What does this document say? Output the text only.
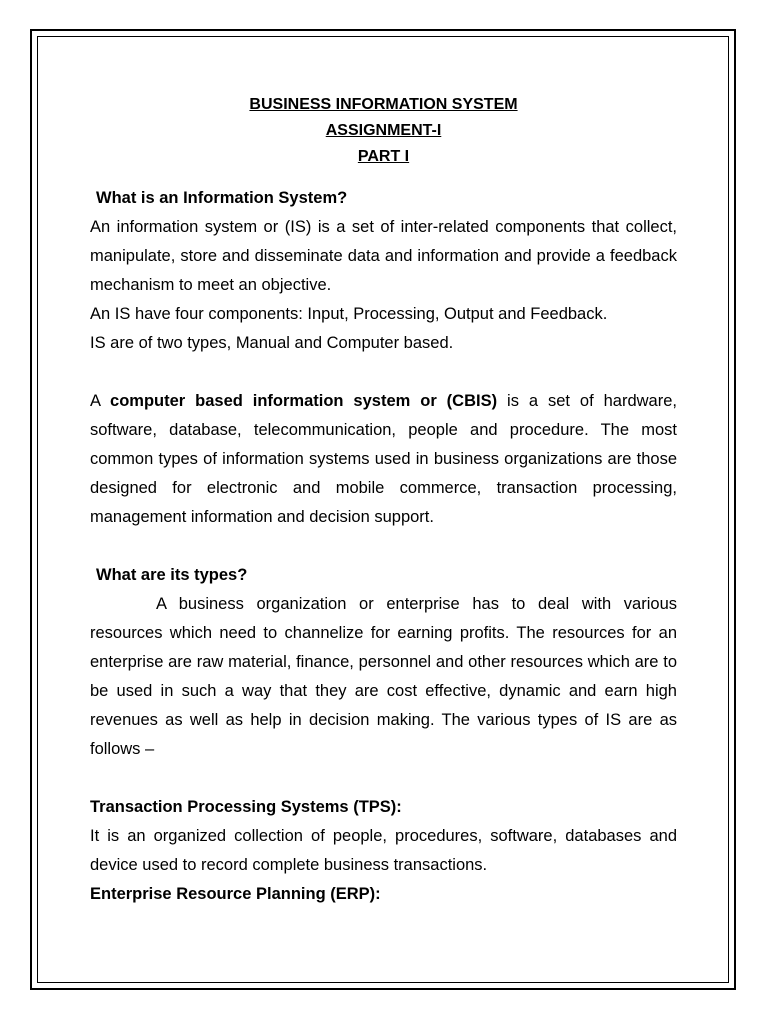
BUSINESS INFORMATION SYSTEM
ASSIGNMENT-I
PART I
What is an Information System?

An information system or (IS) is a set of inter-related components that collect, manipulate, store and disseminate data and information and provide a feedback mechanism to meet an objective.

An IS have four components: Input, Processing, Output and Feedback.

IS are of two types, Manual and Computer based.

A computer based information system or (CBIS) is a set of hardware, software, database, telecommunication, people and procedure. The most common types of information systems used in business organizations are those designed for electronic and mobile commerce, transaction processing, management information and decision support.

What are its types?

A business organization or enterprise has to deal with various resources which need to channelize for earning profits. The resources for an enterprise are raw material, finance, personnel and other resources which are to be used in such a way that they are cost effective, dynamic and earn high revenues as well as help in decision making. The various types of IS are as follows –

Transaction Processing Systems (TPS):

It is an organized collection of people, procedures, software, databases and device used to record complete business transactions.

Enterprise Resource Planning (ERP):
